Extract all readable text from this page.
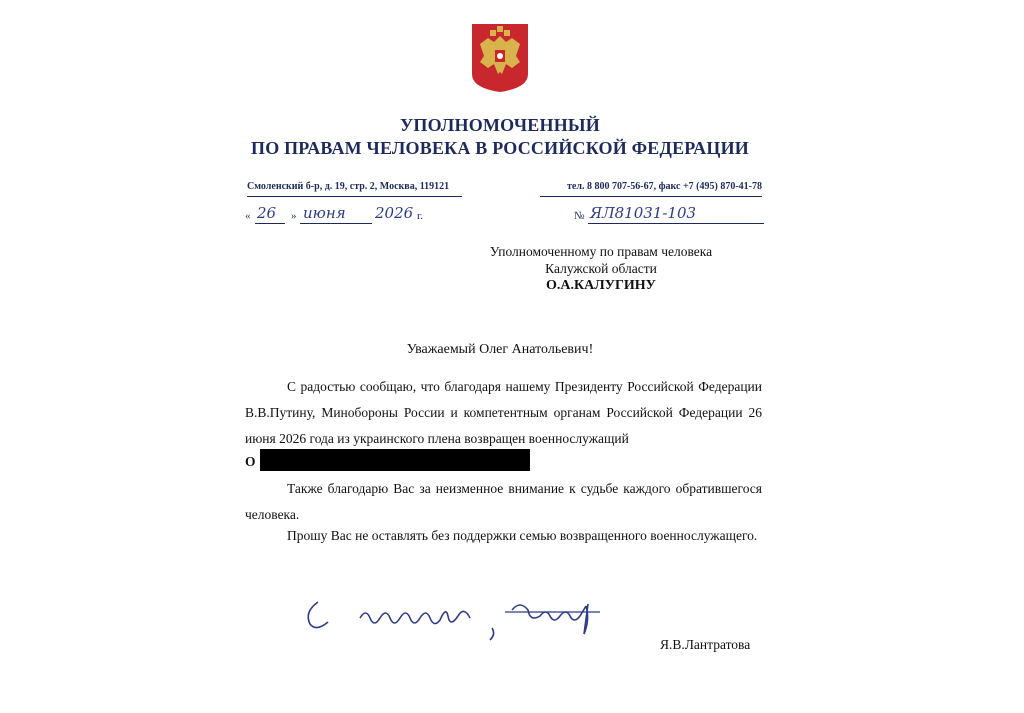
УПОЛНОМОЧЕННЫЙ
ПО ПРАВАМ ЧЕЛОВЕКА В РОССИЙСКОЙ ФЕДЕРАЦИИ
Смоленский б-р, д. 19, стр. 2, Москва, 119121	тел. 8 800 707-56-67, факс +7 (495) 870-41-78
« 26 » июня 2026 г.	№ ЯЛ81031-103
Уполномоченному по правам человека
Калужской области
О.А.КАЛУГИНУ
Уважаемый Олег Анатольевич!
С радостью сообщаю, что благодаря нашему Президенту Российской Федерации В.В.Путину, Минобороны России и компетентным органам Российской Федерации 26 июня 2026 года из украинского плена возвращен военнослужащий
О
Также благодарю Вас за неизменное внимание к судьбе каждого обратившегося человека.
Прошу Вас не оставлять без поддержки семью возвращенного военнослужащего.
Я.В.Лантратова
